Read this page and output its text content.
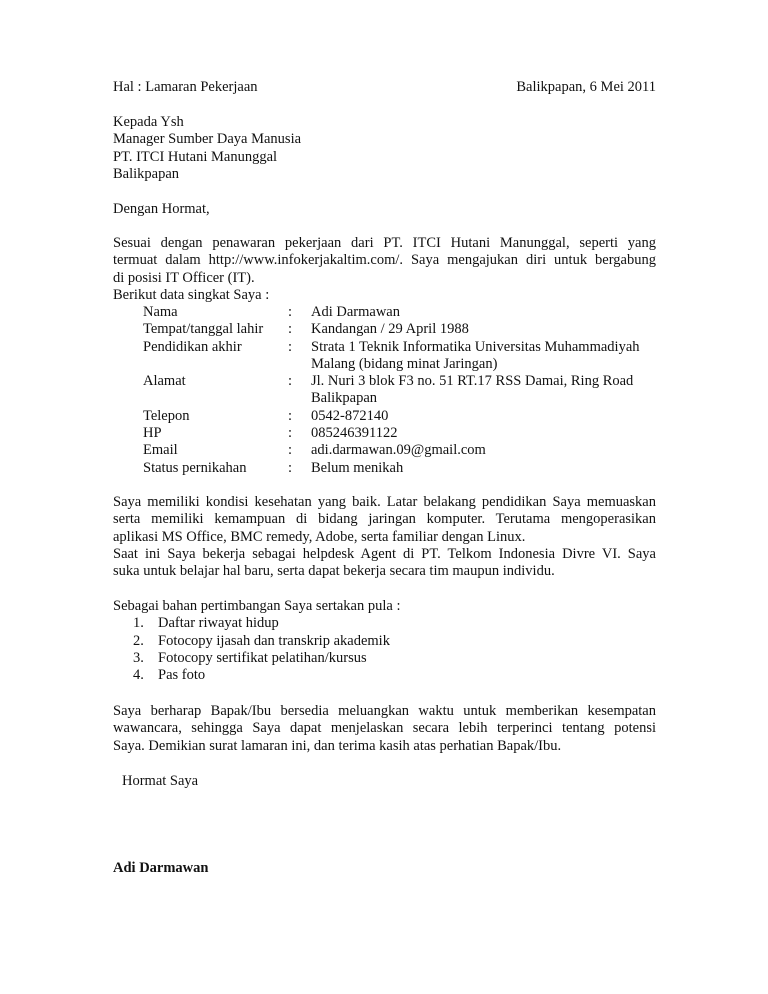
Hal : Lamaran Pekerjaan	Balikpapan, 6 Mei 2011
Kepada Ysh
Manager Sumber Daya Manusia
PT. ITCI Hutani Manunggal
Balikpapan
Dengan Hormat,
Sesuai dengan penawaran pekerjaan dari PT. ITCI Hutani Manunggal, seperti yang
termuat dalam http://www.infokerjakaltim.com/. Saya mengajukan diri untuk bergabung
di posisi IT Officer (IT).
Berikut data singkat Saya :
Nama	: Adi Darmawan
Tempat/tanggal lahir : Kandangan / 29 April 1988
Pendidikan akhir	: Strata 1 Teknik Informatika Universitas Muhammadiyah
Malang (bidang minat Jaringan)
Alamat	: Jl. Nuri 3 blok F3 no. 51 RT.17 RSS Damai, Ring Road
Balikpapan
Telepon	: 0542-872140
HP	: 085246391122
Email	: adi.darmawan.09@gmail.com
Status pernikahan	: Belum menikah
Saya memiliki kondisi kesehatan yang baik. Latar belakang pendidikan Saya memuaskan
serta memiliki kemampuan di bidang jaringan komputer. Terutama mengoperasikan
aplikasi MS Office, BMC remedy, Adobe, serta familiar dengan Linux.
Saat ini Saya bekerja sebagai helpdesk Agent di PT. Telkom Indonesia Divre VI. Saya
suka untuk belajar hal baru, serta dapat bekerja secara tim maupun individu.
Sebagai bahan pertimbangan Saya sertakan pula :
1. Daftar riwayat hidup
2. Fotocopy ijasah dan transkrip akademik
3. Fotocopy sertifikat pelatihan/kursus
4. Pas foto
Saya berharap Bapak/Ibu bersedia meluangkan waktu untuk memberikan kesempatan
wawancara, sehingga Saya dapat menjelaskan secara lebih terperinci tentang potensi
Saya. Demikian surat lamaran ini, dan terima kasih atas perhatian Bapak/Ibu.
Hormat Saya
Adi Darmawan
